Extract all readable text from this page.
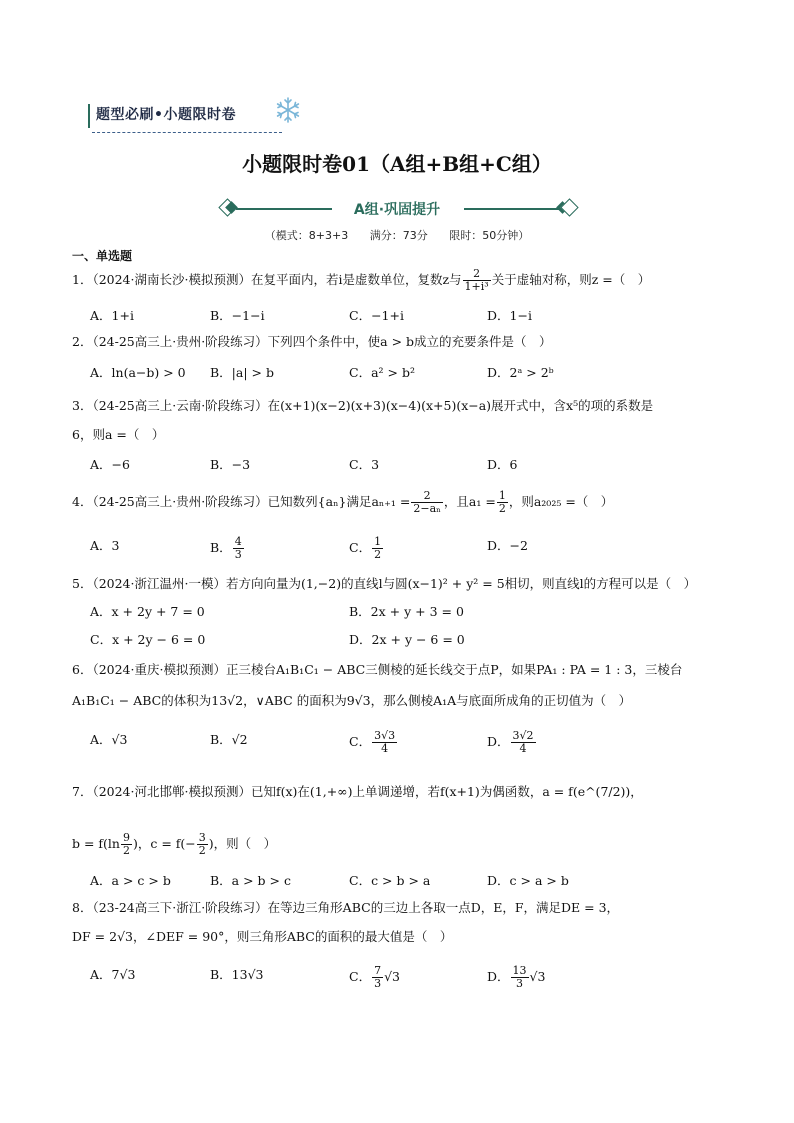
题型必刷•小题限时卷
小题限时卷01（A组+B组+C组）
A组·巩固提升
（模式：8+3+3 满分：73分 限时：50分钟）
一、单选题
1．（2024·湖南长沙·模拟预测）在复平面内，若i是虚数单位，复数z与 $\frac{2}{\text{1+i³}}$ 关于虚轴对称，则z =（　）
A．1+i	B．−1−i	C．−1+i	D．1−i
2．（24-25高三上·贵州·阶段练习）下列四个条件中，使a > b成立的充要条件是（　）
A．ln(a−b) > 0 B．|a| > b	C．a² > b²	D．2ᵃ > 2ᵇ
3．（24-25高三上·云南·阶段练习）在(x+1)(x−2)(x+3)(x−4)(x+5)(x−a)展开式中，含x⁵的项的系数是
6，则a =（　）
A．−6	B．−3	C．3	D．6
4．（24-25高三上·贵州·阶段练习）已知数列{aₙ}满足$a_{n+1} = \frac{2}{\text{2−aₙ}}$ ，且$a_1 = \frac{1}{2}$ ，则a₂₀₂₅ =（　）
A．3	B． $\frac{4}{3}$	C． $\frac{1}{2}$	D．−2
5．（2024·浙江温州·一模）若方向向量为(1,−2)的直线l与圆(x−1)² + y² = 5相切，则直线l的方程可以是（　）
A．x + 2y + 7 = 0	B．2x + y + 3 = 0
C．x + 2y − 6 = 0	D．2x + y − 6 = 0
6．（2024·重庆·模拟预测）正三棱台A₁B₁C₁ − ABC三侧棱的延长线交于点P，如果PA₁ : PA = 1 : 3，三棱台
A₁B₁C₁ − ABC的体积为13√2，∨ABC 的面积为9√3，那么侧棱A₁A与底面所成角的正切值为（　）
A．√3	B．√2	C． $\frac{3√3}{4}$	D． $\frac{3√2}{4}$
7．（2024·河北邯郸·模拟预测）已知f(x)在(1,+∞)上单调递增，若f(x+1)为偶函数，a = f(e^(7/2))，
$b = f(\ln \frac{9}{2}$ )，$c = f(- \frac{3}{2}$ )，则（　）
A．a > c > b	B．a > b > c	C．c > b > a	D．c > a > b
8．（23-24高三下·浙江·阶段练习）在等边三角形ABC的三边上各取一点D，E，F，满足DE = 3，
DF = 2√3，∠DEF = 90°，则三角形ABC的面积的最大值是（　）
A．7√3	B．13√3	C． $\frac{7}{3} √3$	D． $\frac{13}{3} √3$
